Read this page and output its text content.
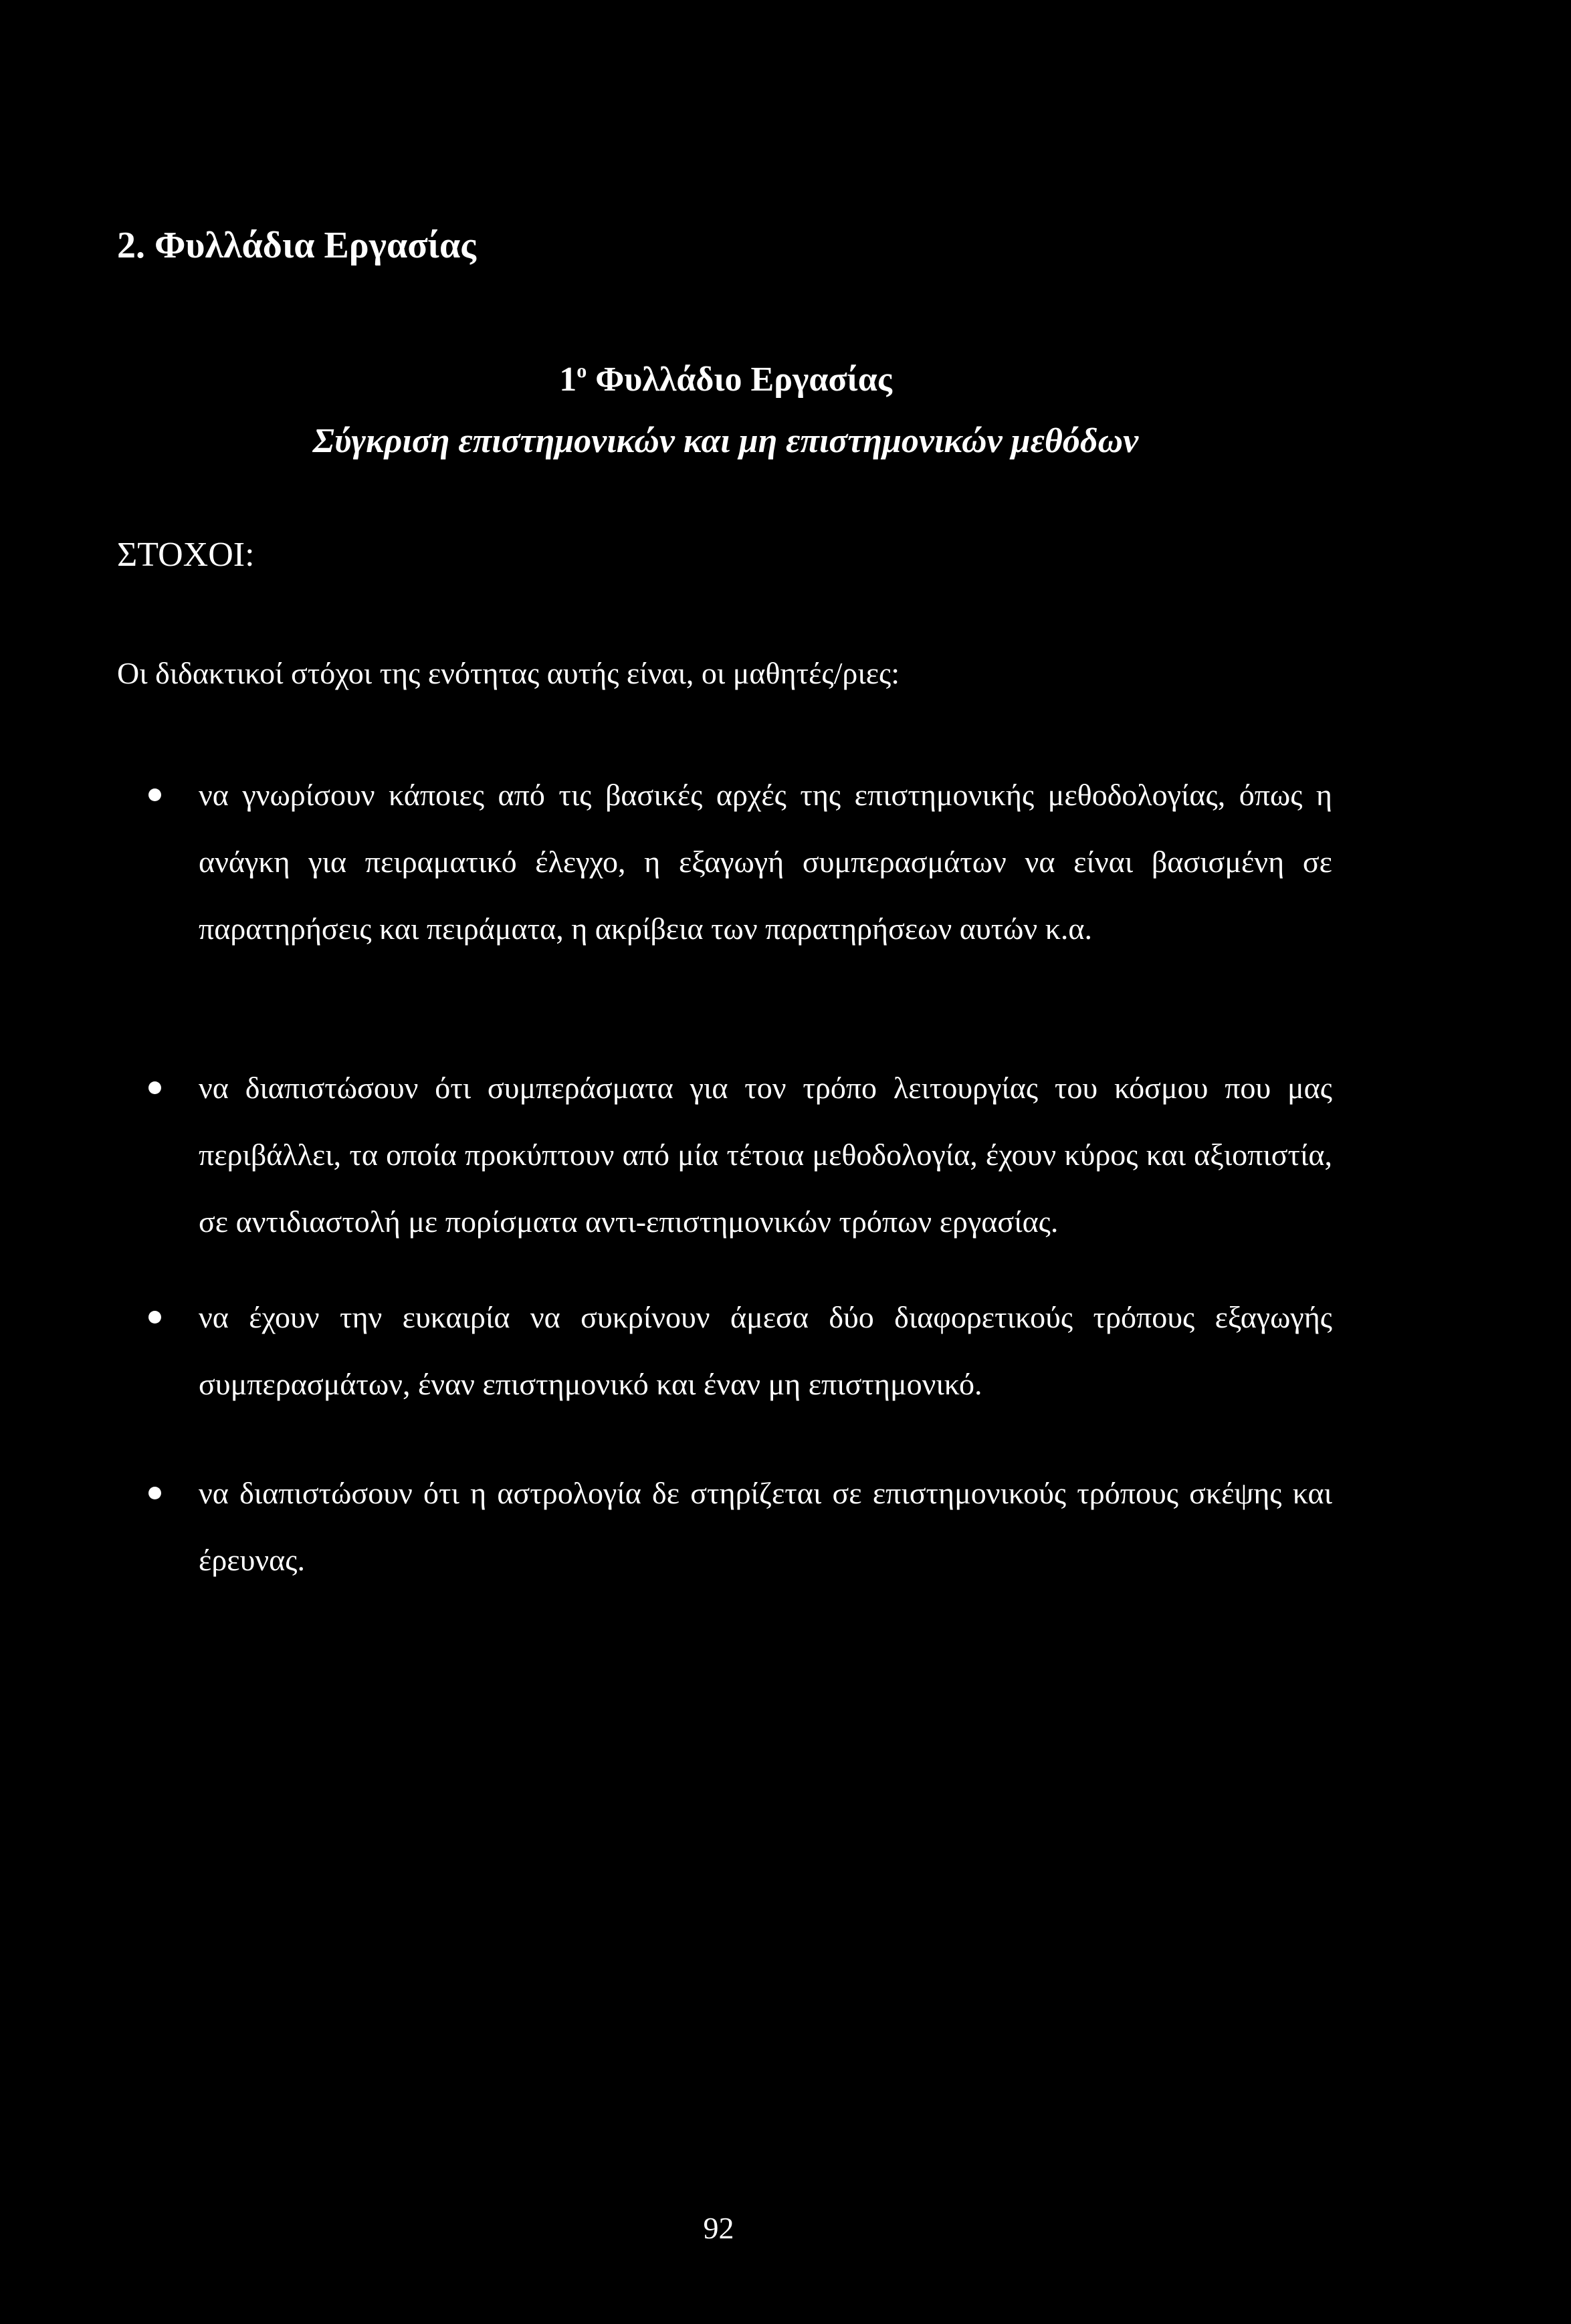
2. Φυλλάδια Εργασίας
$1^o$ Φυλλάδιο Εργασίας
Σύγκριση επιστημονικών και μη επιστημονικών μεθόδων

ΣΤΟΧΟΙ:

Οι διδακτικοί στόχοι της ενότητας αυτής είναι, οι μαθητές/ριες:

να γνωρίσουν κάποιες από τις βασικές αρχές της επιστημονικής μεθοδολογίας, όπως η ανάγκη για πειραματικό έλεγχο, η εξαγωγή συμπερασμάτων να είναι βασισμένη σε παρατηρήσεις και πειράματα, η ακρίβεια των παρατηρήσεων αυτών κ.α.
να διαπιστώσουν ότι συμπεράσματα για τον τρόπο λειτουργίας του κόσμου που μας περιβάλλει, τα οποία προκύπτουν από μία τέτοια μεθοδολογία, έχουν κύρος και αξιοπιστία, σε αντιδιαστολή με πορίσματα αντι-επιστημονικών τρόπων εργασίας.
να έχουν την ευκαιρία να συκρίνουν άμεσα δύο διαφορετικούς τρόπους εξαγωγής συμπερασμάτων, έναν επιστημονικό και έναν μη επιστημονικό.
να διαπιστώσουν ότι η αστρολογία δε στηρίζεται σε επιστημονικούς τρόπους σκέψης και έρευνας.

92
